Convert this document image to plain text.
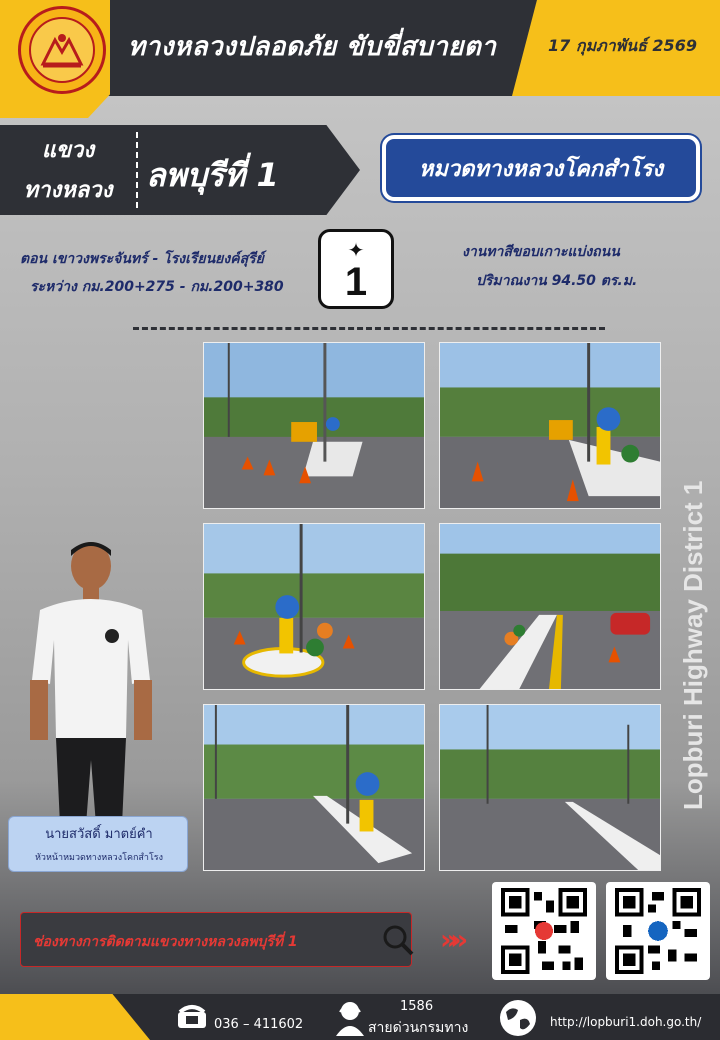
ทางหลวงปลอดภัย ขับขี่สบายตา	17 กุมภาพันธ์ 2569
แขวง
ทางหลวง	ลพบุรีที่ 1	หมวดทางหลวงโคกสำโรง
ตอน เขาวงพระจันทร์ - โรงเรียนยงค์สุรีย์
ระหว่าง กม.200+275 - กม.200+380
✦
1
งานทาสีขอบเกาะแบ่งถนน
ปริมาณงาน 94.50 ตร.ม.
Lopburi Highway District 1
นายสวัสดิ์ มาตย์คำ
หัวหน้าหมวดทางหลวงโคกสำโรง
ช่องทางการติดตามแขวงทางหลวงลพบุรีที่ 1	»»
036 – 411602
1586
สายด่วนกรมทาง	http://lopburi1.doh.go.th/
